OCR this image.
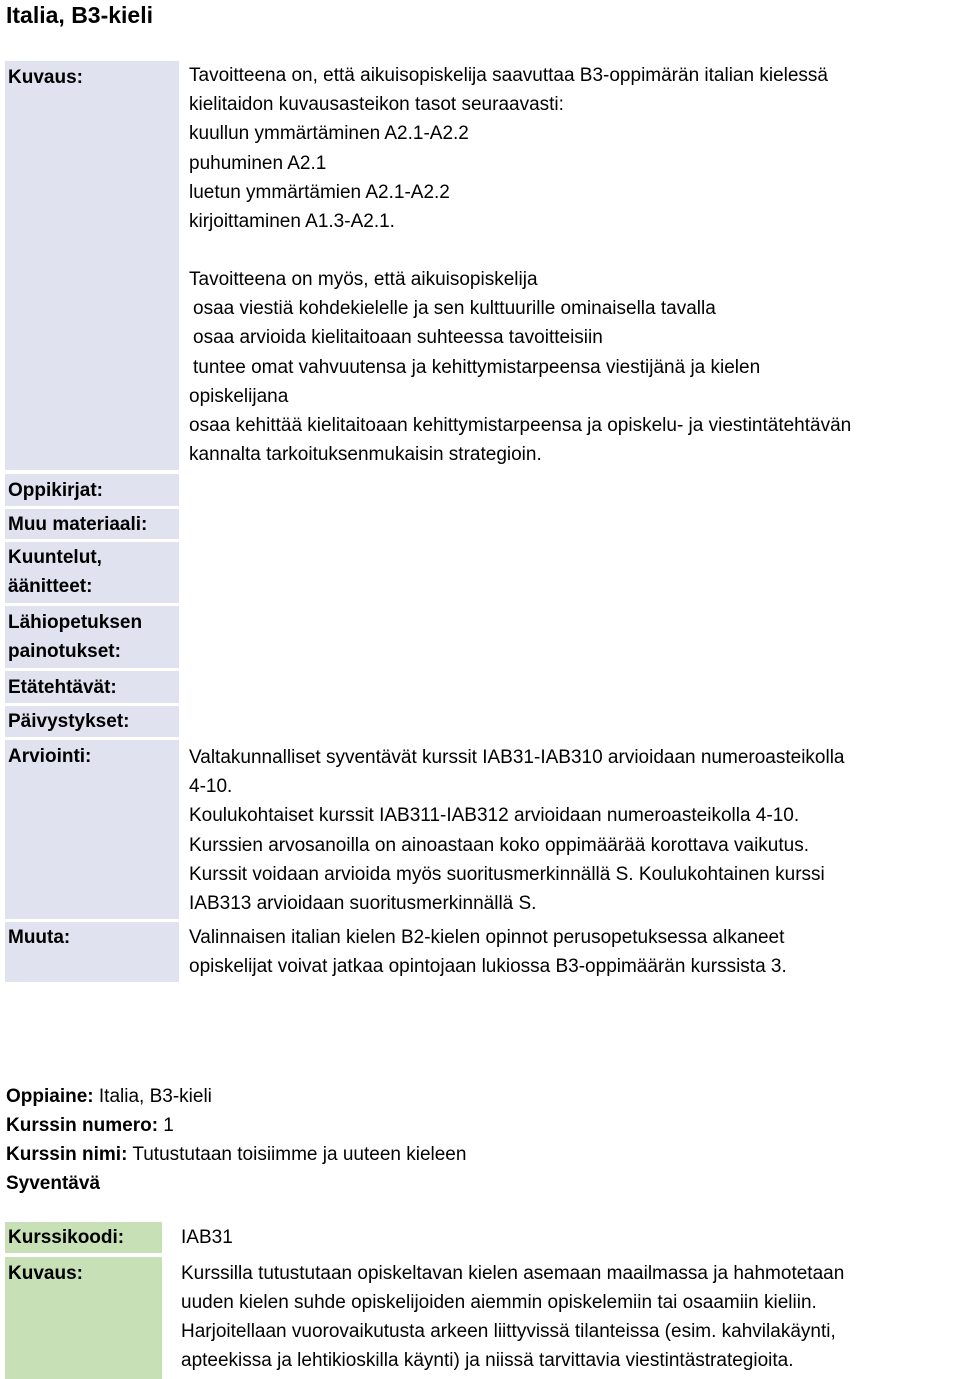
Italia, B3-kieli
Kuvaus:
Oppikirjat:
Muu materiaali:
Kuuntelut,
äänitteet:
Lähiopetuksen
painotukset:
Etätehtävät:
Päivystykset:
Arviointi:
Muuta:
Tavoitteena on, että aikuisopiskelija saavuttaa B3-oppimärän italian kielessä
kielitaidon kuvausasteikon tasot seuraavasti:
kuullun ymmärtäminen A2.1-A2.2
puhuminen A2.1
luetun ymmärtämien A2.1-A2.2
kirjoittaminen A1.3-A2.1.
Tavoitteena on myös, että aikuisopiskelija
osaa viestiä kohdekielelle ja sen kulttuurille ominaisella tavalla
osaa arvioida kielitaitoaan suhteessa tavoitteisiin
tuntee omat vahvuutensa ja kehittymistarpeensa viestijänä ja kielen
opiskelijana
osaa kehittää kielitaitoaan kehittymistarpeensa ja opiskelu- ja viestintätehtävän
kannalta tarkoituksenmukaisin strategioin.
Valtakunnalliset syventävät kurssit IAB31-IAB310 arvioidaan numeroasteikolla
4-10.
Koulukohtaiset kurssit IAB311-IAB312 arvioidaan numeroasteikolla 4-10.
Kurssien arvosanoilla on ainoastaan koko oppimäärää korottava vaikutus.
Kurssit voidaan arvioida myös suoritusmerkinnällä S. Koulukohtainen kurssi
IAB313 arvioidaan suoritusmerkinnällä S.
Valinnaisen italian kielen B2-kielen opinnot perusopetuksessa alkaneet
opiskelijat voivat jatkaa opintojaan lukiossa B3-oppimäärän kurssista 3.
Oppiaine: Italia, B3-kieli
Kurssin numero: 1
Kurssin nimi: Tutustutaan toisiimme ja uuteen kieleen
Syventävä
Kurssikoodi:	IAB31
Kuvaus:	Kurssilla tutustutaan opiskeltavan kielen asemaan maailmassa ja hahmotetaan
uuden kielen suhde opiskelijoiden aiemmin opiskelemiin tai osaamiin kieliin.
Harjoitellaan vuorovaikutusta arkeen liittyvissä tilanteissa (esim. kahvilakäynti,
apteekissa ja lehtikioskilla käynti) ja niissä tarvittavia viestintästrategioita.
